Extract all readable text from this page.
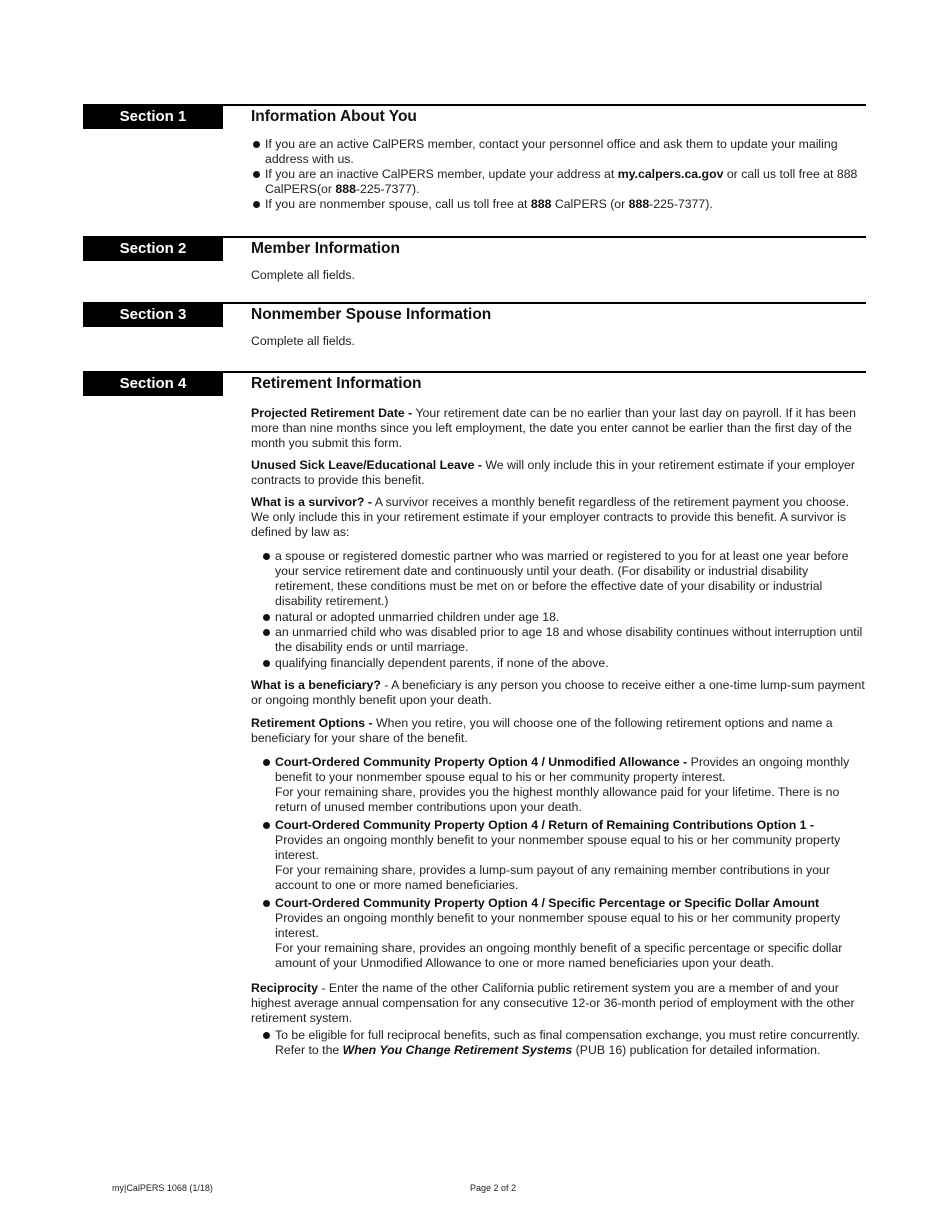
Section 1	Information About You
If you are an active CalPERS member, contact your personnel office and ask them to update your mailing address with us.
If you are an inactive CalPERS member, update your address at my.calpers.ca.gov or call us toll free at 888 CalPERS(or 888-225-7377).
If you are nonmember spouse, call us toll free at 888 CalPERS (or 888-225-7377).
Section 2	Member Information

Complete all fields.

Section 3	Nonmember Spouse Information

Complete all fields.

Section 4	Retirement Information

Projected Retirement Date - Your retirement date can be no earlier than your last day on payroll. If it has been more than nine months since you left employment, the date you enter cannot be earlier than the first day of the month you submit this form.

Unused Sick Leave/Educational Leave - We will only include this in your retirement estimate if your employer contracts to provide this benefit.

What is a survivor? - A survivor receives a monthly benefit regardless of the retirement payment you choose. We only include this in your retirement estimate if your employer contracts to provide this benefit. A survivor is defined by law as:

a spouse or registered domestic partner who was married or registered to you for at least one year before your service retirement date and continuously until your death. (For disability or industrial disability retirement, these conditions must be met on or before the effective date of your disability or industrial disability retirement.)
natural or adopted unmarried children under age 18.
an unmarried child who was disabled prior to age 18 and whose disability continues without interruption until the disability ends or until marriage.
qualifying financially dependent parents, if none of the above.

What is a beneficiary? - A beneficiary is any person you choose to receive either a one-time lump-sum payment or ongoing monthly benefit upon your death.

Retirement Options - When you retire, you will choose one of the following retirement options and name a beneficiary for your share of the benefit.

Court-Ordered Community Property Option 4 / Unmodified Allowance - Provides an ongoing monthly benefit to your nonmember spouse equal to his or her community property interest.
For your remaining share, provides you the highest monthly allowance paid for your lifetime. There is no return of unused member contributions upon your death.
Court-Ordered Community Property Option 4 / Return of Remaining Contributions Option 1 -
Provides an ongoing monthly benefit to your nonmember spouse equal to his or her community property interest.
For your remaining share, provides a lump-sum payout of any remaining member contributions in your account to one or more named beneficiaries.
Court-Ordered Community Property Option 4 / Specific Percentage or Specific Dollar Amount
Provides an ongoing monthly benefit to your nonmember spouse equal to his or her community property interest.
For your remaining share, provides an ongoing monthly benefit of a specific percentage or specific dollar amount of your Unmodified Allowance to one or more named beneficiaries upon your death.

Reciprocity - Enter the name of the other California public retirement system you are a member of and your highest average annual compensation for any consecutive 12-or 36-month period of employment with the other retirement system.

To be eligible for full reciprocal benefits, such as final compensation exchange, you must retire concurrently. Refer to the When You Change Retirement Systems (PUB 16) publication for detailed information.
my|CalPERS 1068 (1/18)	Page 2 of 2
